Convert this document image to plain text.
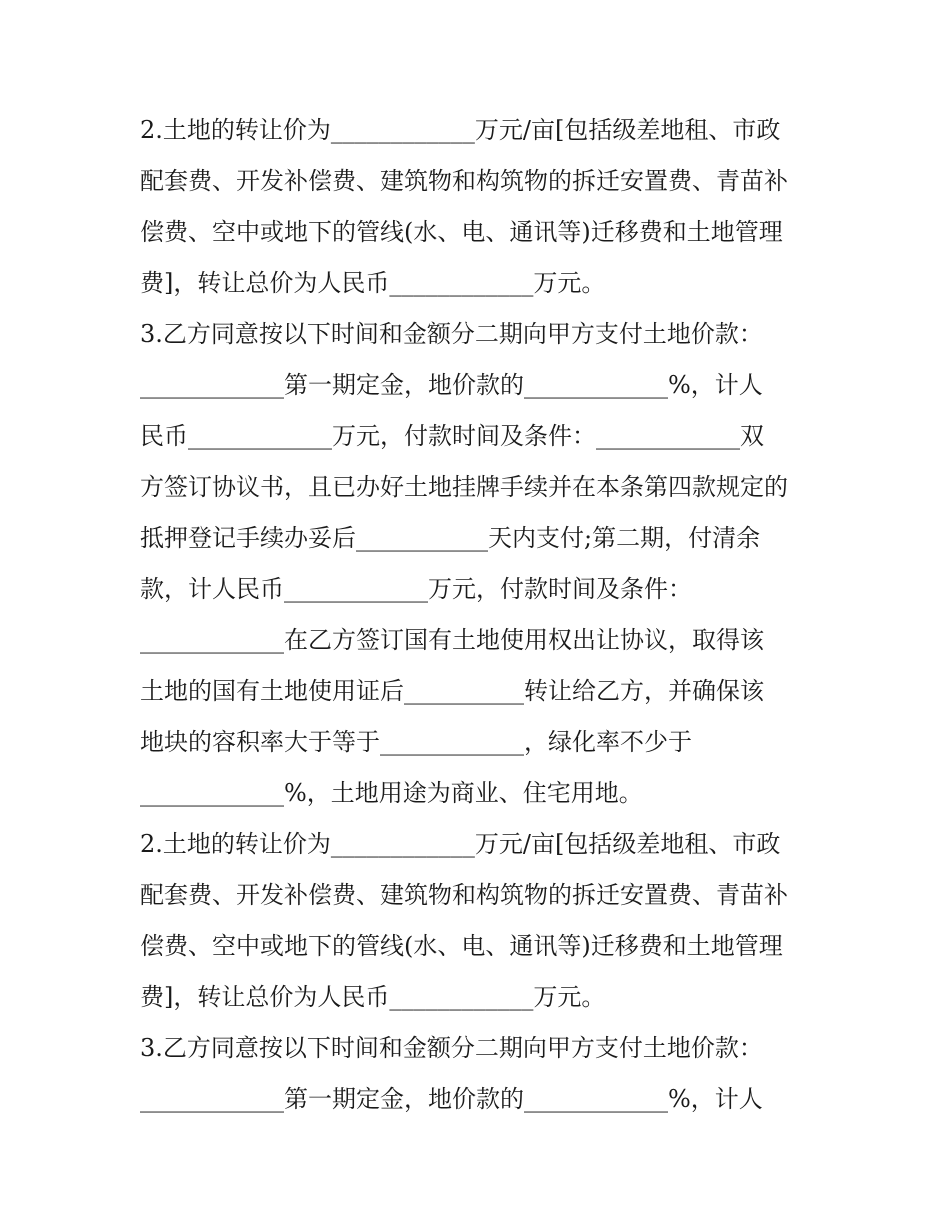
2.土地的转让价为____________万元/亩[包括级差地租、市政
配套费、开发补偿费、建筑物和构筑物的拆迁安置费、青苗补
偿费、空中或地下的管线(水、电、通讯等)迁移费和土地管理
费]，转让总价为人民币____________万元。
3.乙方同意按以下时间和金额分二期向甲方支付土地价款：
____________第一期定金，地价款的____________%，计人
民币____________万元，付款时间及条件：____________双
方签订协议书，且已办好土地挂牌手续并在本条第四款规定的
抵押登记手续办妥后___________天内支付;第二期，付清余
款，计人民币____________万元，付款时间及条件：
____________在乙方签订国有土地使用权出让协议，取得该
土地的国有土地使用证后__________转让给乙方，并确保该
地块的容积率大于等于____________，绿化率不少于
____________%，土地用途为商业、住宅用地。
2.土地的转让价为____________万元/亩[包括级差地租、市政
配套费、开发补偿费、建筑物和构筑物的拆迁安置费、青苗补
偿费、空中或地下的管线(水、电、通讯等)迁移费和土地管理
费]，转让总价为人民币____________万元。
3.乙方同意按以下时间和金额分二期向甲方支付土地价款：
____________第一期定金，地价款的____________%，计人
